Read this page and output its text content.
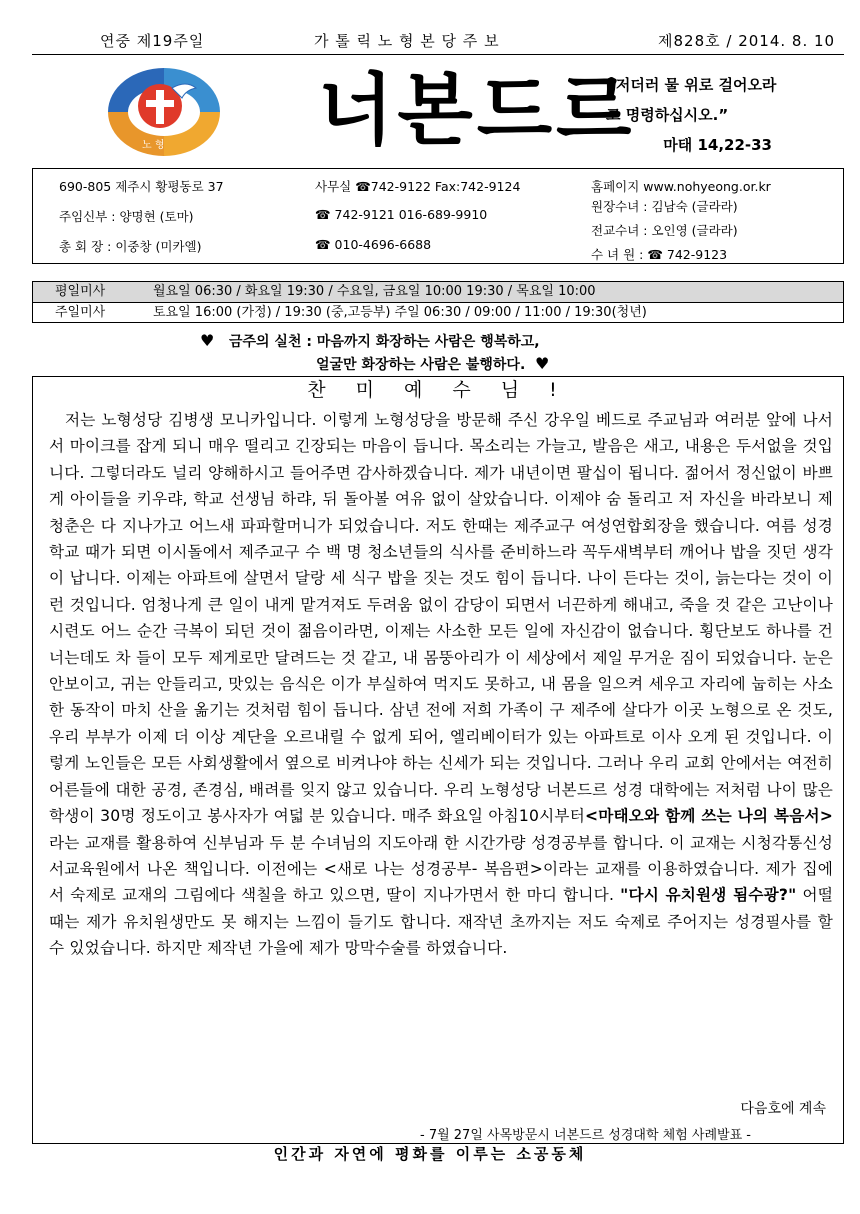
연중 제19주일	가 톨 릭 노 형 본 당 주 보	제828호 / 2014. 8. 10
노 형 너본드르
“저더러 물 위로 걸어오라
고 명령하십시오.”
마태 14,22-33
690-805 제주시 황평동로 37	사무실 ☎742-9122 Fax:742-9124	홈페이지 www.nohyeong.or.kr
주임신부 : 양명현 (토마)	☎ 742-9121 016-689-9910
원장수녀 : 김남숙 (글라라)
전교수녀 : 오인영 (글라라)
총 회 장 : 이중창 (미카엘)	☎ 010-4696-6688
수 녀 원 : ☎ 742-9123
평일미사	월요일 06:30 / 화요일 19:30 / 수요일, 금요일 10:00 19:30 / 목요일 10:00
주일미사	토요일 16:00 (가정) / 19:30 (중,고등부) 주일 06:30 / 09:00 / 11:00 / 19:30(청년)
♥ 금주의 실천 : 마음까지 화장하는 사람은 행복하고,
얼굴만 화장하는 사람은 불행하다. ♥
찬 미 예 수 님 !

저는 노형성당 김병생 모니카입니다. 이렇게 노형성당을 방문해 주신 강우일 베드로 주교님과 여러분 앞에 나서서 마이크를 잡게 되니 매우 떨리고 긴장되는 마음이 듭니다. 목소리는 가늘고, 발음은 새고, 내용은 두서없을 것입니다. 그렇더라도 널리 양해하시고 들어주면 감사하겠습니다. 제가 내년이면 팔십이 됩니다. 젊어서 정신없이 바쁘게 아이들을 키우랴, 학교 선생님 하랴, 뒤 돌아볼 여유 없이 살았습니다. 이제야 숨 돌리고 저 자신을 바라보니 제 청춘은 다 지나가고 어느새 파파할머니가 되었습니다. 저도 한때는 제주교구 여성연합회장을 했습니다. 여름 성경학교 때가 되면 이시돌에서 제주교구 수 백 명 청소년들의 식사를 준비하느라 꼭두새벽부터 깨어나 밥을 짓던 생각이 납니다. 이제는 아파트에 살면서 달랑 세 식구 밥을 짓는 것도 힘이 듭니다. 나이 든다는 것이, 늙는다는 것이 이런 것입니다. 엄청나게 큰 일이 내게 맡겨져도 두려움 없이 감당이 되면서 너끈하게 해내고, 죽을 것 같은 고난이나 시련도 어느 순간 극복이 되던 것이 젊음이라면, 이제는 사소한 모든 일에 자신감이 없습니다. 횡단보도 하나를 건너는데도 차 들이 모두 제게로만 달려드는 것 같고, 내 몸뚱아리가 이 세상에서 제일 무거운 짐이 되었습니다. 눈은 안보이고, 귀는 안들리고, 맛있는 음식은 이가 부실하여 먹지도 못하고, 내 몸을 일으켜 세우고 자리에 눕히는 사소한 동작이 마치 산을 옮기는 것처럼 힘이 듭니다. 삼년 전에 저희 가족이 구 제주에 살다가 이곳 노형으로 온 것도, 우리 부부가 이제 더 이상 계단을 오르내릴 수 없게 되어, 엘리베이터가 있는 아파트로 이사 오게 된 것입니다. 이렇게 노인들은 모든 사회생활에서 옆으로 비켜나야 하는 신세가 되는 것입니다. 그러나 우리 교회 안에서는 여전히 어른들에 대한 공경, 존경심, 배려를 잊지 않고 있습니다. 우리 노형성당 너본드르 성경 대학에는 저처럼 나이 많은 학생이 30명 정도이고 봉사자가 여덟 분 있습니다. 매주 화요일 아침10시부터<마태오와 함께 쓰는 나의 복음서>라는 교재를 활용하여 신부님과 두 분 수녀님의 지도아래 한 시간가량 성경공부를 합니다. 이 교재는 시청각통신성서교육원에서 나온 책입니다. 이전에는 <새로 나는 성경공부- 복음편>이라는 교재를 이용하였습니다. 제가 집에서 숙제로 교재의 그림에다 색칠을 하고 있으면, 딸이 지나가면서 한 마디 합니다. "다시 유치원생 됨수광?" 어떨 때는 제가 유치원생만도 못 해지는 느낌이 들기도 합니다. 재작년 초까지는 저도 숙제로 주어지는 성경필사를 할 수 있었습니다. 하지만 제작년 가을에 제가 망막수술를 하였습니다.

다음호에 계속
- 7월 27일 사목방문시 너본드르 성경대학 체험 사례발표 -
인간과 자연에 평화를 이루는 소공동체
